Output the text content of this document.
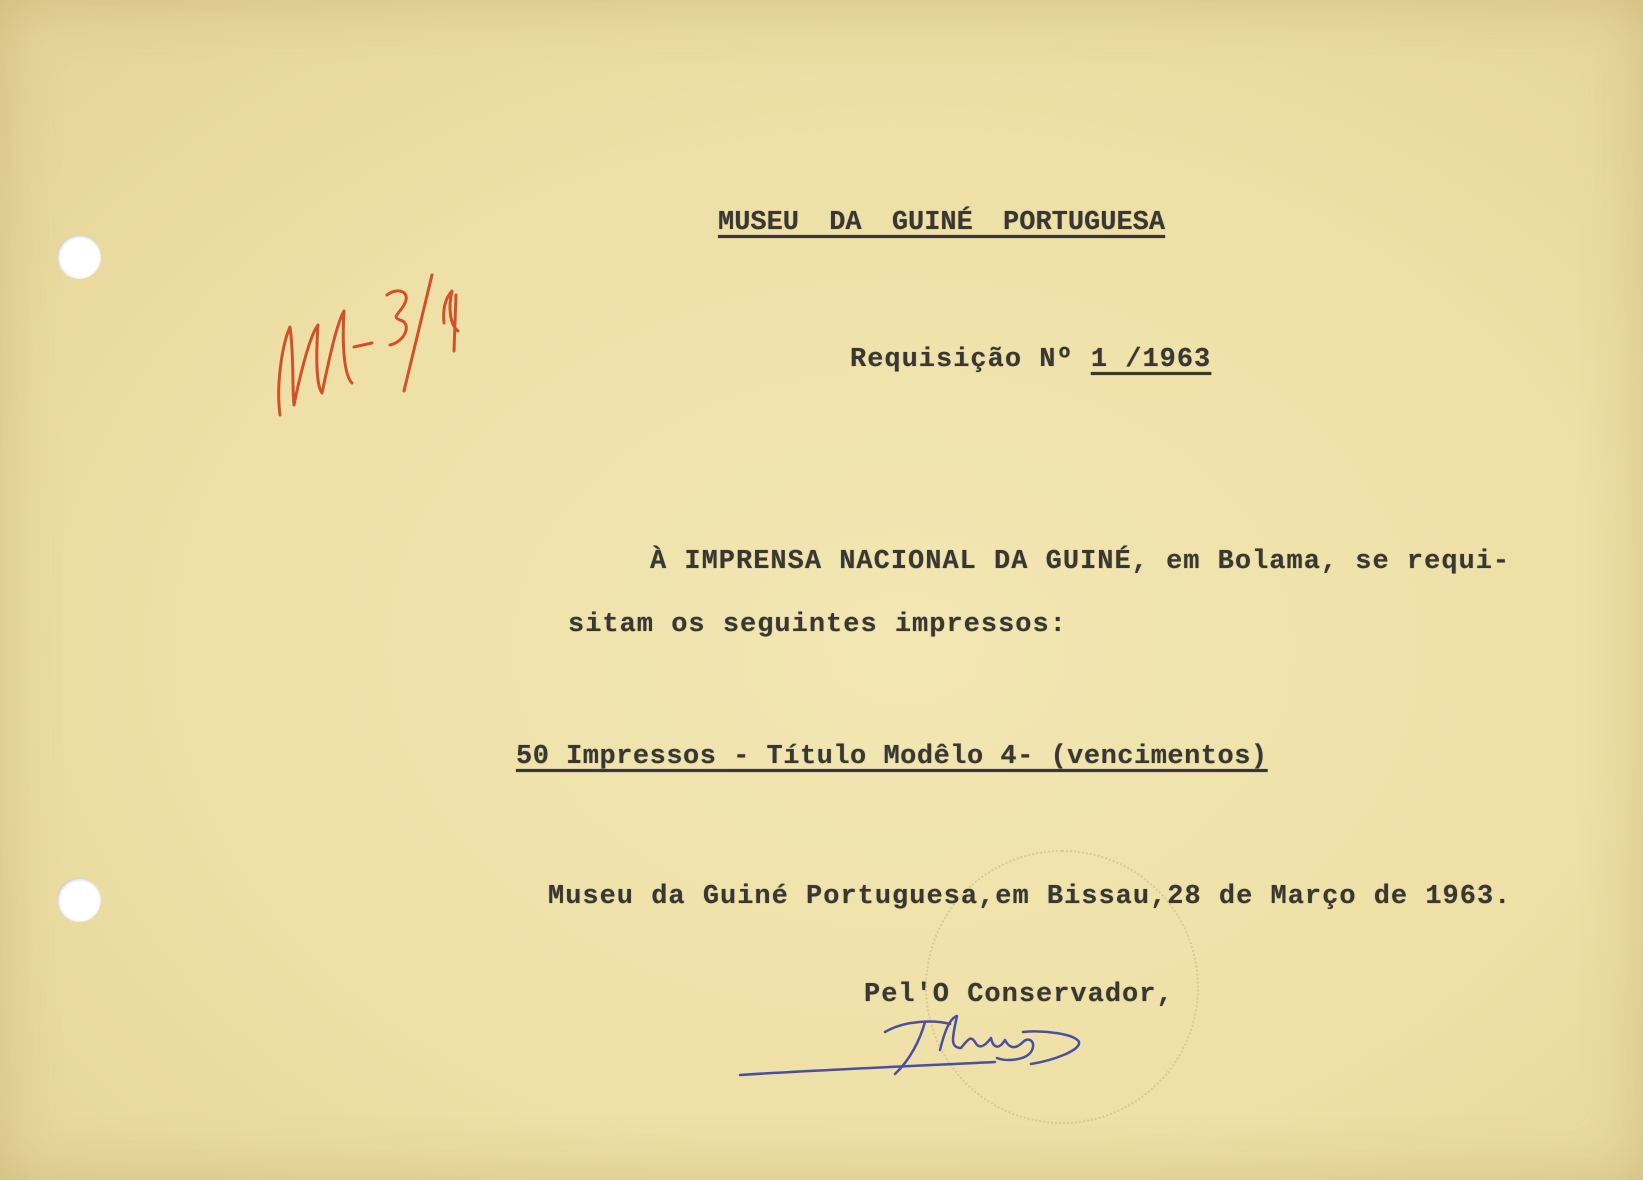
MUSEU DA GUINÉ PORTUGUESA
Requisição Nº 1 /1963
À IMPRENSA NACIONAL DA GUINÉ, em Bolama, se requi-
sitam os seguintes impressos:
50 Impressos - Título Modêlo 4- (vencimentos)
Museu da Guiné Portuguesa,em Bissau,28 de Março de 1963.
Pel'O Conservador,
